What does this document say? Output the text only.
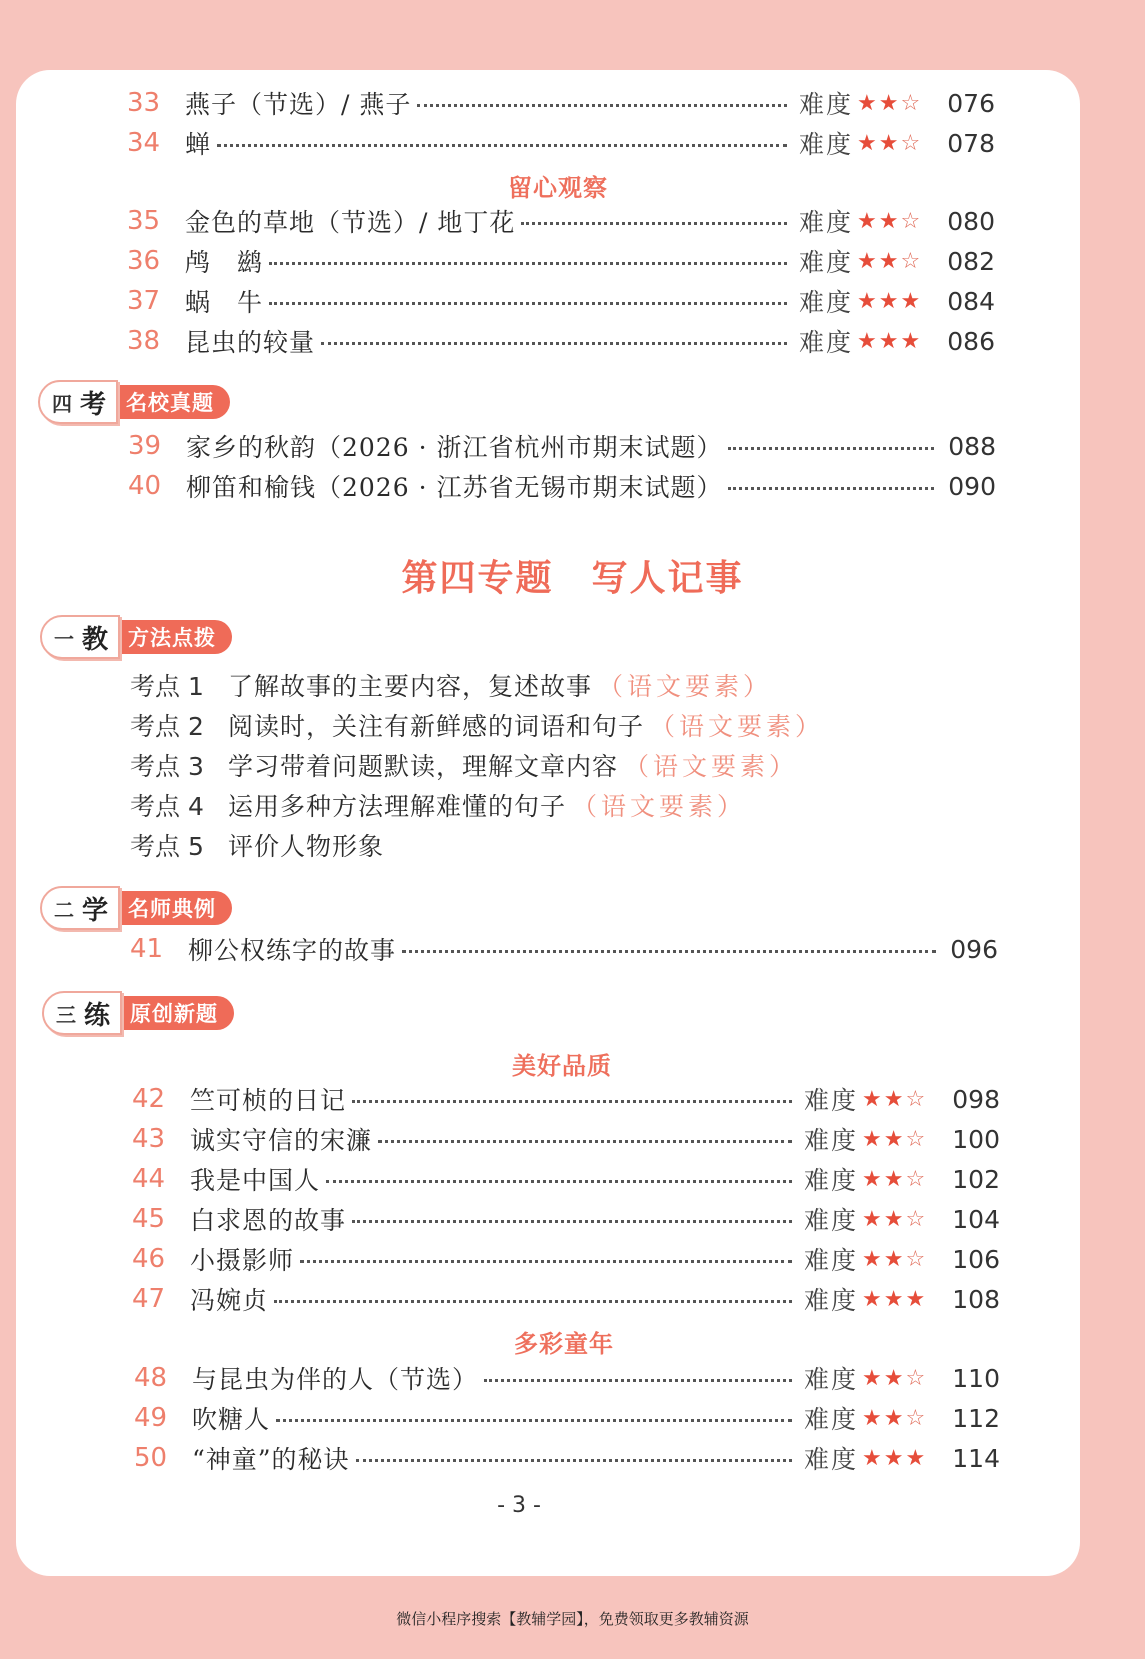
33 燕子（节选）/ 燕子	难度 ★★☆	076
34 蝉	难度 ★★☆	078
留心观察
35 金色的草地（节选）/ 地丁花	难度 ★★☆	080
36 鸬　鹚	难度 ★★☆	082
37 蜗　牛	难度 ★★★	084
38 昆虫的较量	难度 ★★★	086
四 考 名校真题
39 家乡的秋韵（2026 · 浙江省杭州市期末试题）	088
40 柳笛和榆钱（2026 · 江苏省无锡市期末试题）	090
第四专题　写人记事
一 教 方法点拨
考点 1 了解故事的主要内容，复述故事 （语文要素）
考点 2 阅读时，关注有新鲜感的词语和句子 （语文要素）
考点 3 学习带着问题默读，理解文章内容 （语文要素）
考点 4 运用多种方法理解难懂的句子 （语文要素）
考点 5 评价人物形象
二 学 名师典例
41 柳公权练字的故事	096
三 练 原创新题
美好品质
42 竺可桢的日记	难度 ★★☆	098
43 诚实守信的宋濂	难度 ★★☆	100
44 我是中国人	难度 ★★☆	102
45 白求恩的故事	难度 ★★☆	104
46 小摄影师	难度 ★★☆	106
47 冯婉贞	难度 ★★★	108
多彩童年
48 与昆虫为伴的人（节选）	难度 ★★☆	110
49 吹糖人	难度 ★★☆	112
50 “神童”的秘诀	难度 ★★★	114
- 3 -
微信小程序搜索【教辅学园】，免费领取更多教辅资源
